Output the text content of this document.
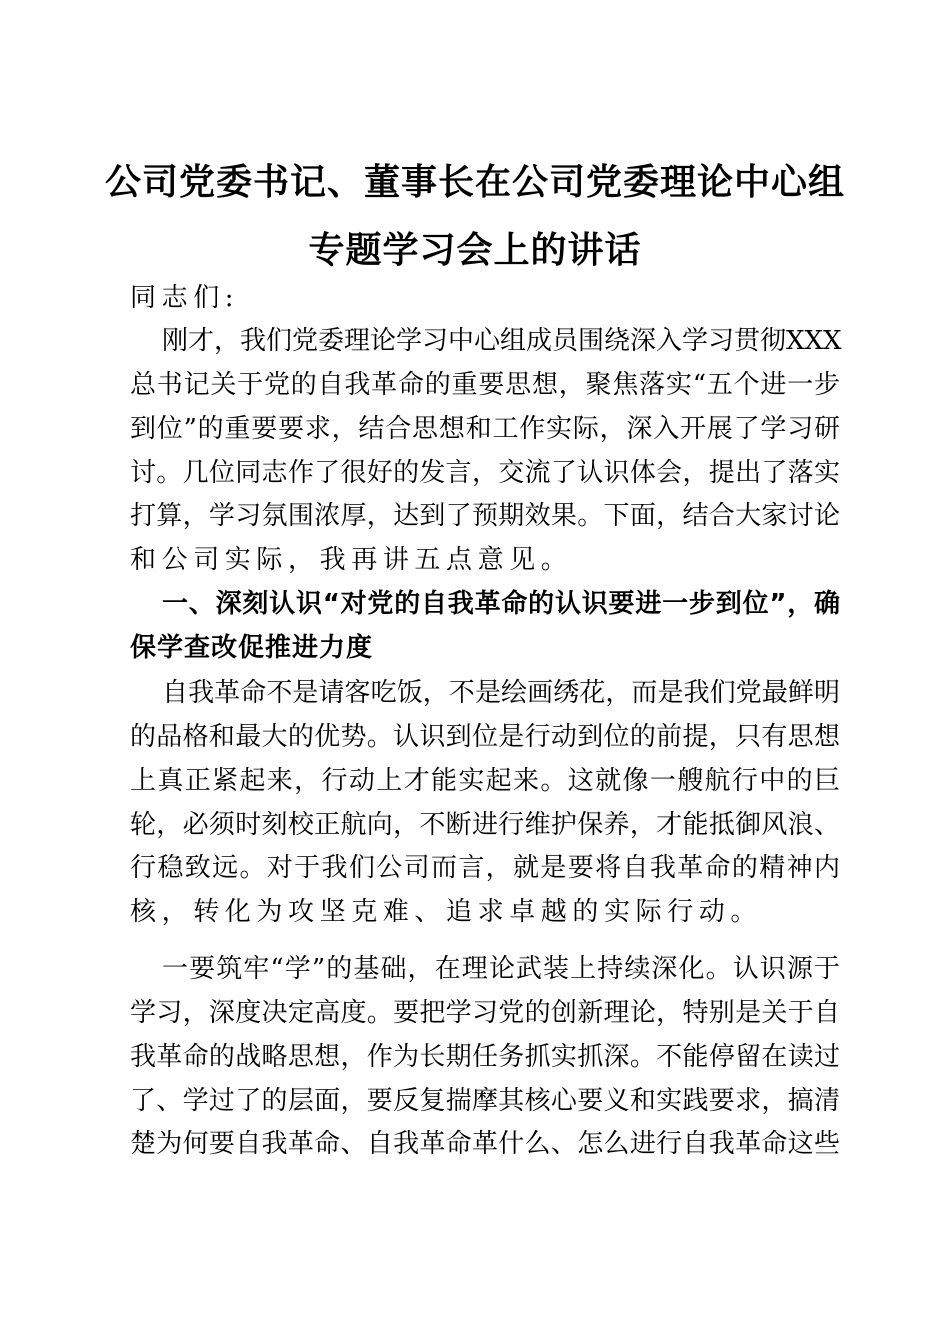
公司党委书记、董事长在公司党委理论中心组
专题学习会上的讲话
同志们:
刚才，我们党委理论学习中心组成员围绕深入学习贯彻XXX
总书记关于党的自我革命的重要思想，聚焦落实“五个进一步
到位”的重要要求，结合思想和工作实际，深入开展了学习研
讨。几位同志作了很好的发言，交流了认识体会，提出了落实
打算，学习氛围浓厚，达到了预期效果。下面，结合大家讨论
和公司实际，我再讲五点意见。
一、深刻认识“对党的自我革命的认识要进一步到位”，确
保学查改促推进力度
自我革命不是请客吃饭，不是绘画绣花，而是我们党最鲜明
的品格和最大的优势。认识到位是行动到位的前提，只有思想
上真正紧起来，行动上才能实起来。这就像一艘航行中的巨
轮，必须时刻校正航向，不断进行维护保养，才能抵御风浪、
行稳致远。对于我们公司而言，就是要将自我革命的精神内
核，转化为攻坚克难、追求卓越的实际行动。
一要筑牢“学”的基础，在理论武装上持续深化。认识源于
学习，深度决定高度。要把学习党的创新理论，特别是关于自
我革命的战略思想，作为长期任务抓实抓深。不能停留在读过
了、学过了的层面，要反复揣摩其核心要义和实践要求，搞清
楚为何要自我革命、自我革命革什么、怎么进行自我革命这些
